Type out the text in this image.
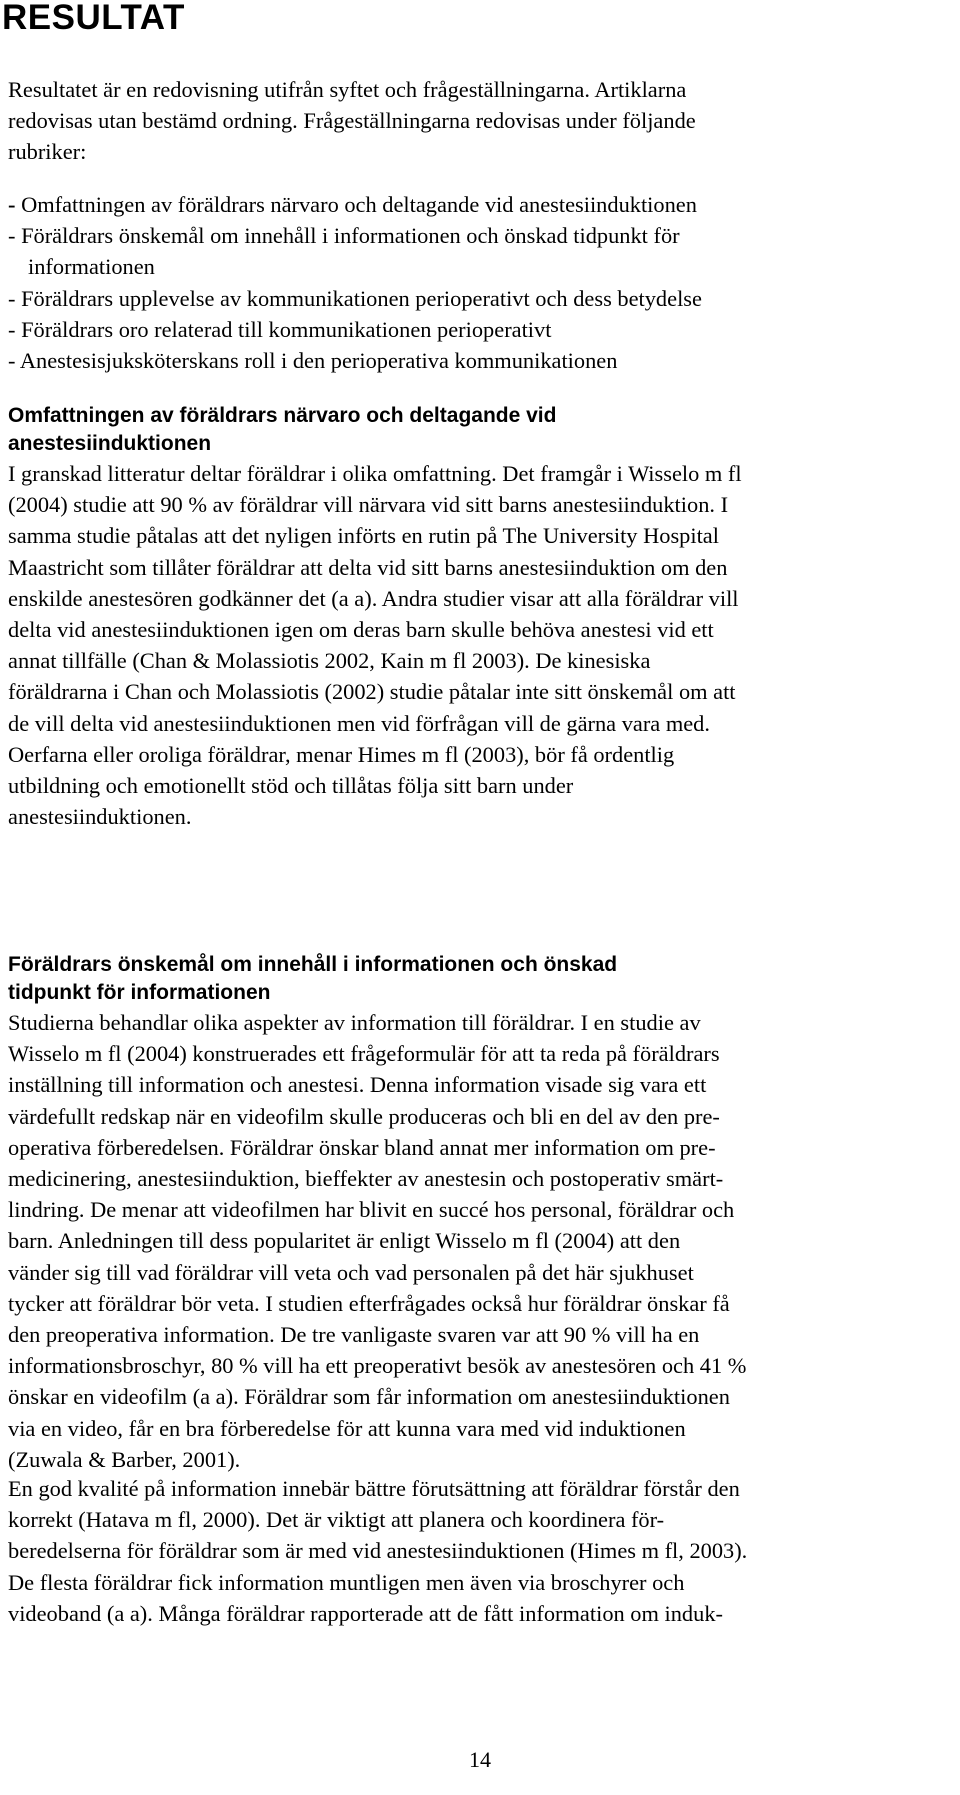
RESULTAT
Resultatet är en redovisning utifrån syftet och frågeställningarna. Artiklarna
redovisas utan bestämd ordning. Frågeställningarna redovisas under följande
rubriker:
- Omfattningen av föräldrars närvaro och deltagande vid anestesiinduktionen
- Föräldrars önskemål om innehåll i informationen och önskad tidpunkt för
informationen
- Föräldrars upplevelse av kommunikationen perioperativt och dess betydelse
- Föräldrars oro relaterad till kommunikationen perioperativt
- Anestesisjuksköterskans roll i den perioperativa kommunikationen
Omfattningen av föräldrars närvaro och deltagande vid
anestesiinduktionen
I granskad litteratur deltar föräldrar i olika omfattning. Det framgår i Wisselo m fl
(2004) studie att 90 % av föräldrar vill närvara vid sitt barns anestesiinduktion. I
samma studie påtalas att det nyligen införts en rutin på The University Hospital
Maastricht som tillåter föräldrar att delta vid sitt barns anestesiinduktion om den
enskilde anestesören godkänner det (a a). Andra studier visar att alla föräldrar vill
delta vid anestesiinduktionen igen om deras barn skulle behöva anestesi vid ett
annat tillfälle (Chan & Molassiotis 2002, Kain m fl 2003). De kinesiska
föräldrarna i Chan och Molassiotis (2002) studie påtalar inte sitt önskemål om att
de vill delta vid anestesiinduktionen men vid förfrågan vill de gärna vara med.
Oerfarna eller oroliga föräldrar, menar Himes m fl (2003), bör få ordentlig
utbildning och emotionellt stöd och tillåtas följa sitt barn under
anestesiinduktionen.
Föräldrars önskemål om innehåll i informationen och önskad
tidpunkt för informationen
Studierna behandlar olika aspekter av information till föräldrar. I en studie av
Wisselo m fl (2004) konstruerades ett frågeformulär för att ta reda på föräldrars
inställning till information och anestesi. Denna information visade sig vara ett
värdefullt redskap när en videofilm skulle produceras och bli en del av den pre-
operativa förberedelsen. Föräldrar önskar bland annat mer information om pre-
medicinering, anestesiinduktion, bieffekter av anestesin och postoperativ smärt-
lindring. De menar att videofilmen har blivit en succé hos personal, föräldrar och
barn. Anledningen till dess popularitet är enligt Wisselo m fl (2004) att den
vänder sig till vad föräldrar vill veta och vad personalen på det här sjukhuset
tycker att föräldrar bör veta. I studien efterfrågades också hur föräldrar önskar få
den preoperativa information. De tre vanligaste svaren var att 90 % vill ha en
informationsbroschyr, 80 % vill ha ett preoperativt besök av anestesören och 41 %
önskar en videofilm (a a). Föräldrar som får information om anestesiinduktionen
via en video, får en bra förberedelse för att kunna vara med vid induktionen
(Zuwala & Barber, 2001).
En god kvalité på information innebär bättre förutsättning att föräldrar förstår den
korrekt (Hatava m fl, 2000). Det är viktigt att planera och koordinera för-
beredelserna för föräldrar som är med vid anestesiinduktionen (Himes m fl, 2003).
De flesta föräldrar fick information muntligen men även via broschyrer och
videoband (a a). Många föräldrar rapporterade att de fått information om induk-
14
